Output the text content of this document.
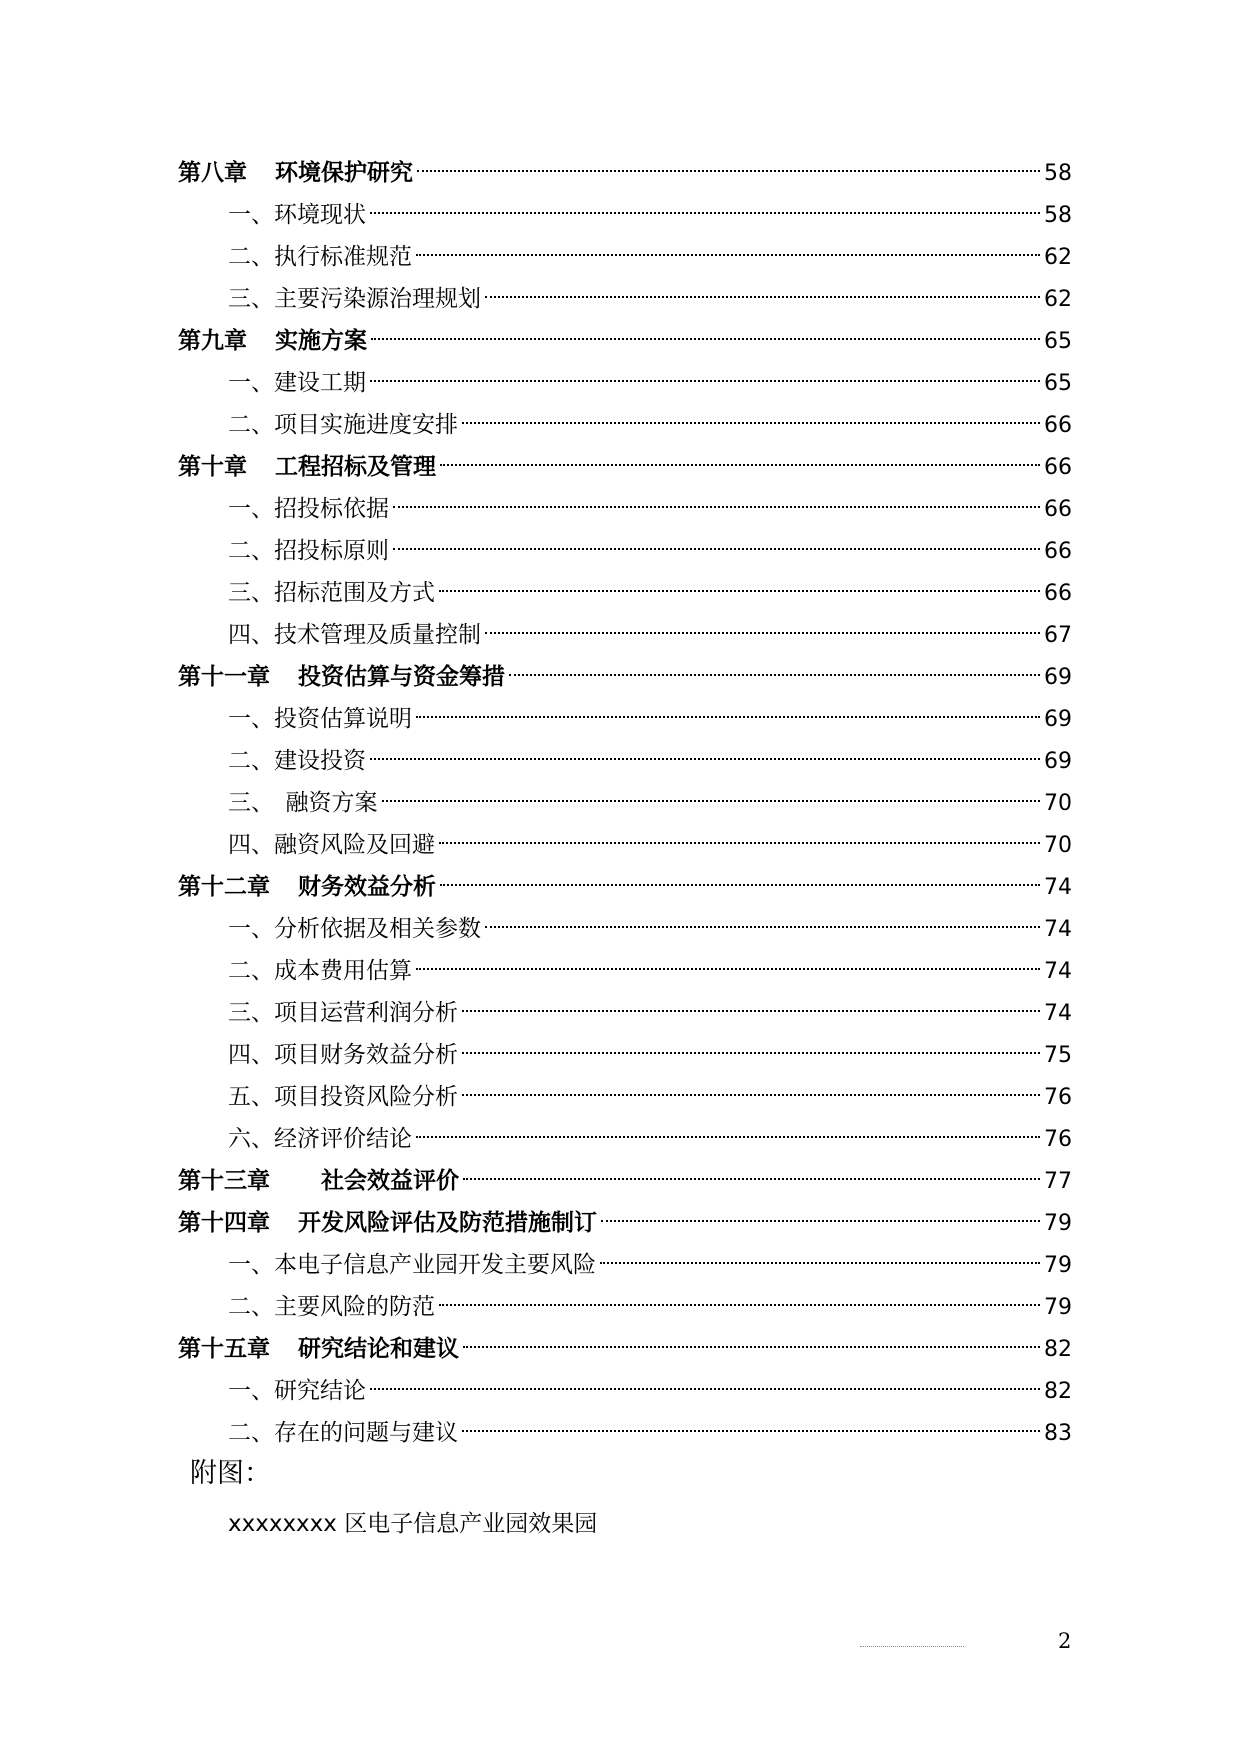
第八章 环境保护研究	58
一、环境现状	58
二、执行标准规范	62
三、主要污染源治理规划	62
第九章 实施方案	65
一、建设工期	65
二、项目实施进度安排	66
第十章 工程招标及管理	66
一、招投标依据	66
二、招投标原则	66
三、招标范围及方式	66
四、技术管理及质量控制	67
第十一章 投资估算与资金筹措	69
一、投资估算说明	69
二、建设投资	69
三、　融资方案	70
四、融资风险及回避	70
第十二章 财务效益分析	74
一、分析依据及相关参数	74
二、成本费用估算	74
三、项目运营利润分析	74
四、项目财务效益分析	75
五、项目投资风险分析	76
六、经济评价结论	76
第十三章 　社会效益评价	77
第十四章 开发风险评估及防范措施制订	79
一、本电子信息产业园开发主要风险	79
二、主要风险的防范	79
第十五章 研究结论和建议	82
一、研究结论	82
二、存在的问题与建议	83

附图：

xxxxxxxx 区电子信息产业园效果园

2
